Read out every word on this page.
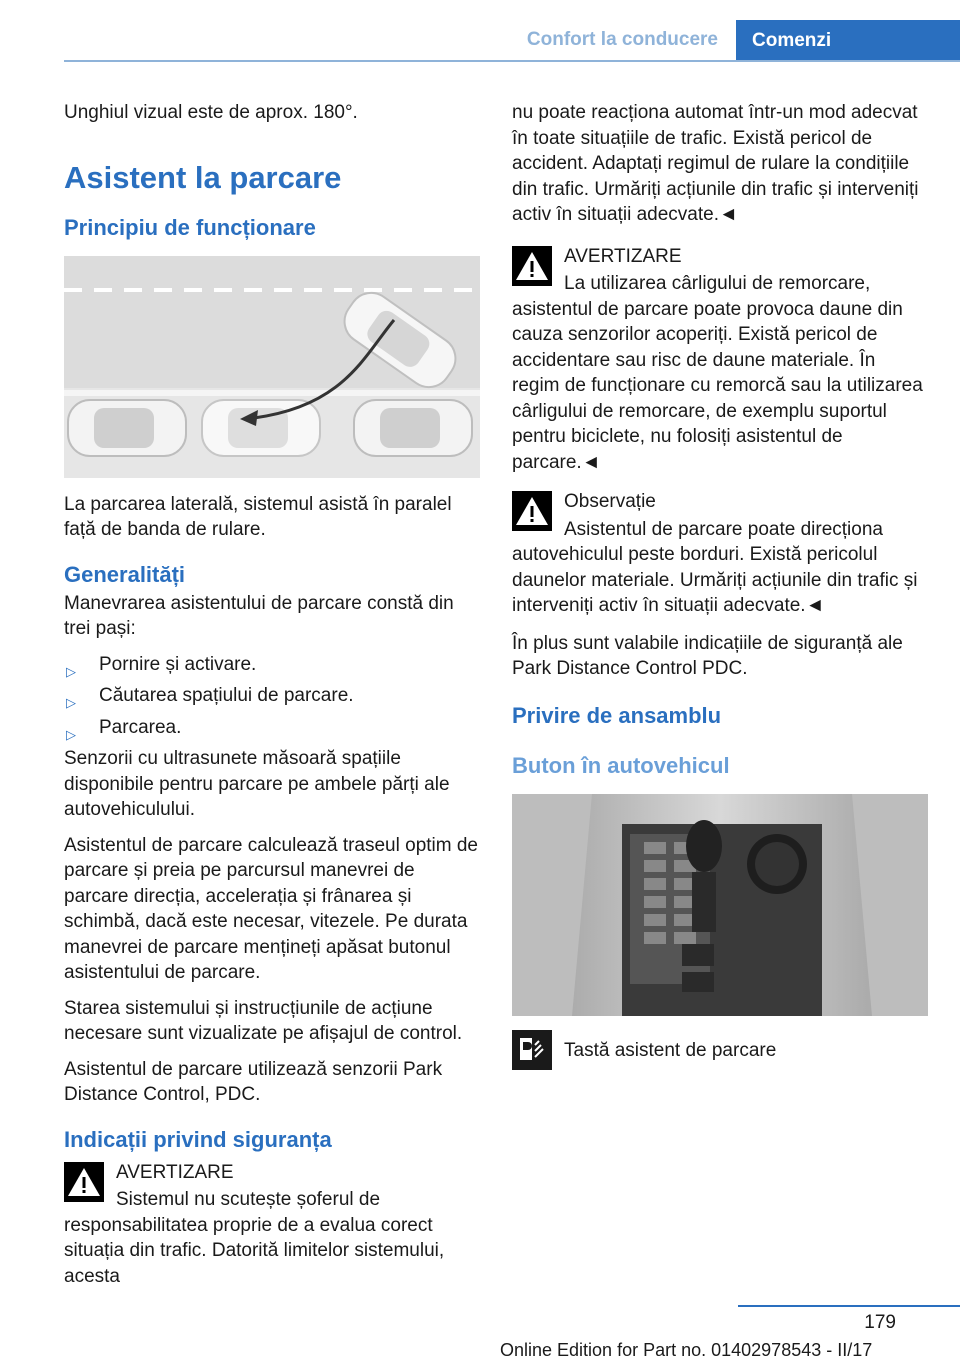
Confort la conducere	Comenzi

Unghiul vizual este de aprox. 180°.

Asistent la parcare
Principiu de funcționare

La parcarea laterală, sistemul asistă în paralel față de banda de rulare.

Generalități

Manevrarea asistentului de parcare constă din trei pași:

▷ Pornire și activare.
▷ Căutarea spațiului de parcare.
▷ Parcarea.

Senzorii cu ultrasunete măsoară spațiile disponibile pentru parcare pe ambele părți ale autovehiculului.

Asistentul de parcare calculează traseul optim de parcare și preia pe parcursul manevrei de parcare direcția, accelerația și frânarea și schimbă, dacă este necesar, vitezele. Pe durata manevrei de parcare mențineți apăsat butonul asistentului de parcare.

Starea sistemului și instrucțiunile de acțiune necesare sunt vizualizate pe afișajul de control.

Asistentul de parcare utilizează senzorii Park Distance Control, PDC.

Indicații privind siguranța
AVERTIZARE
Sistemul nu scutește șoferul de responsabilitatea proprie de a evalua corect situația din trafic. Datorită limitelor sistemului, acesta

nu poate reacționa automat într-un mod adecvat în toate situațiile de trafic. Există pericol de accident. Adaptați regimul de rulare la condițiile din trafic. Urmăriți acțiunile din trafic și interveniți activ în situații adecvate.◄

AVERTIZARE
La utilizarea cârligului de remorcare, asistentul de parcare poate provoca daune din cauza senzorilor acoperiți. Există pericol de accidentare sau risc de daune materiale. În regim de funcționare cu remorcă sau la utilizarea cârligului de remorcare, de exemplu suportul pentru biciclete, nu folosiți asistentul de parcare.◄
Observație
Asistentul de parcare poate direcționa autovehiculul peste borduri. Există pericolul daunelor materiale. Urmăriți acțiunile din trafic și interveniți activ în situații adecvate.◄

În plus sunt valabile indicațiile de siguranță ale Park Distance Control PDC.

Privire de ansamblu
Buton în autovehicul

Tastă asistent de parcare

179
Online Edition for Part no. 01402978543 - II/17
